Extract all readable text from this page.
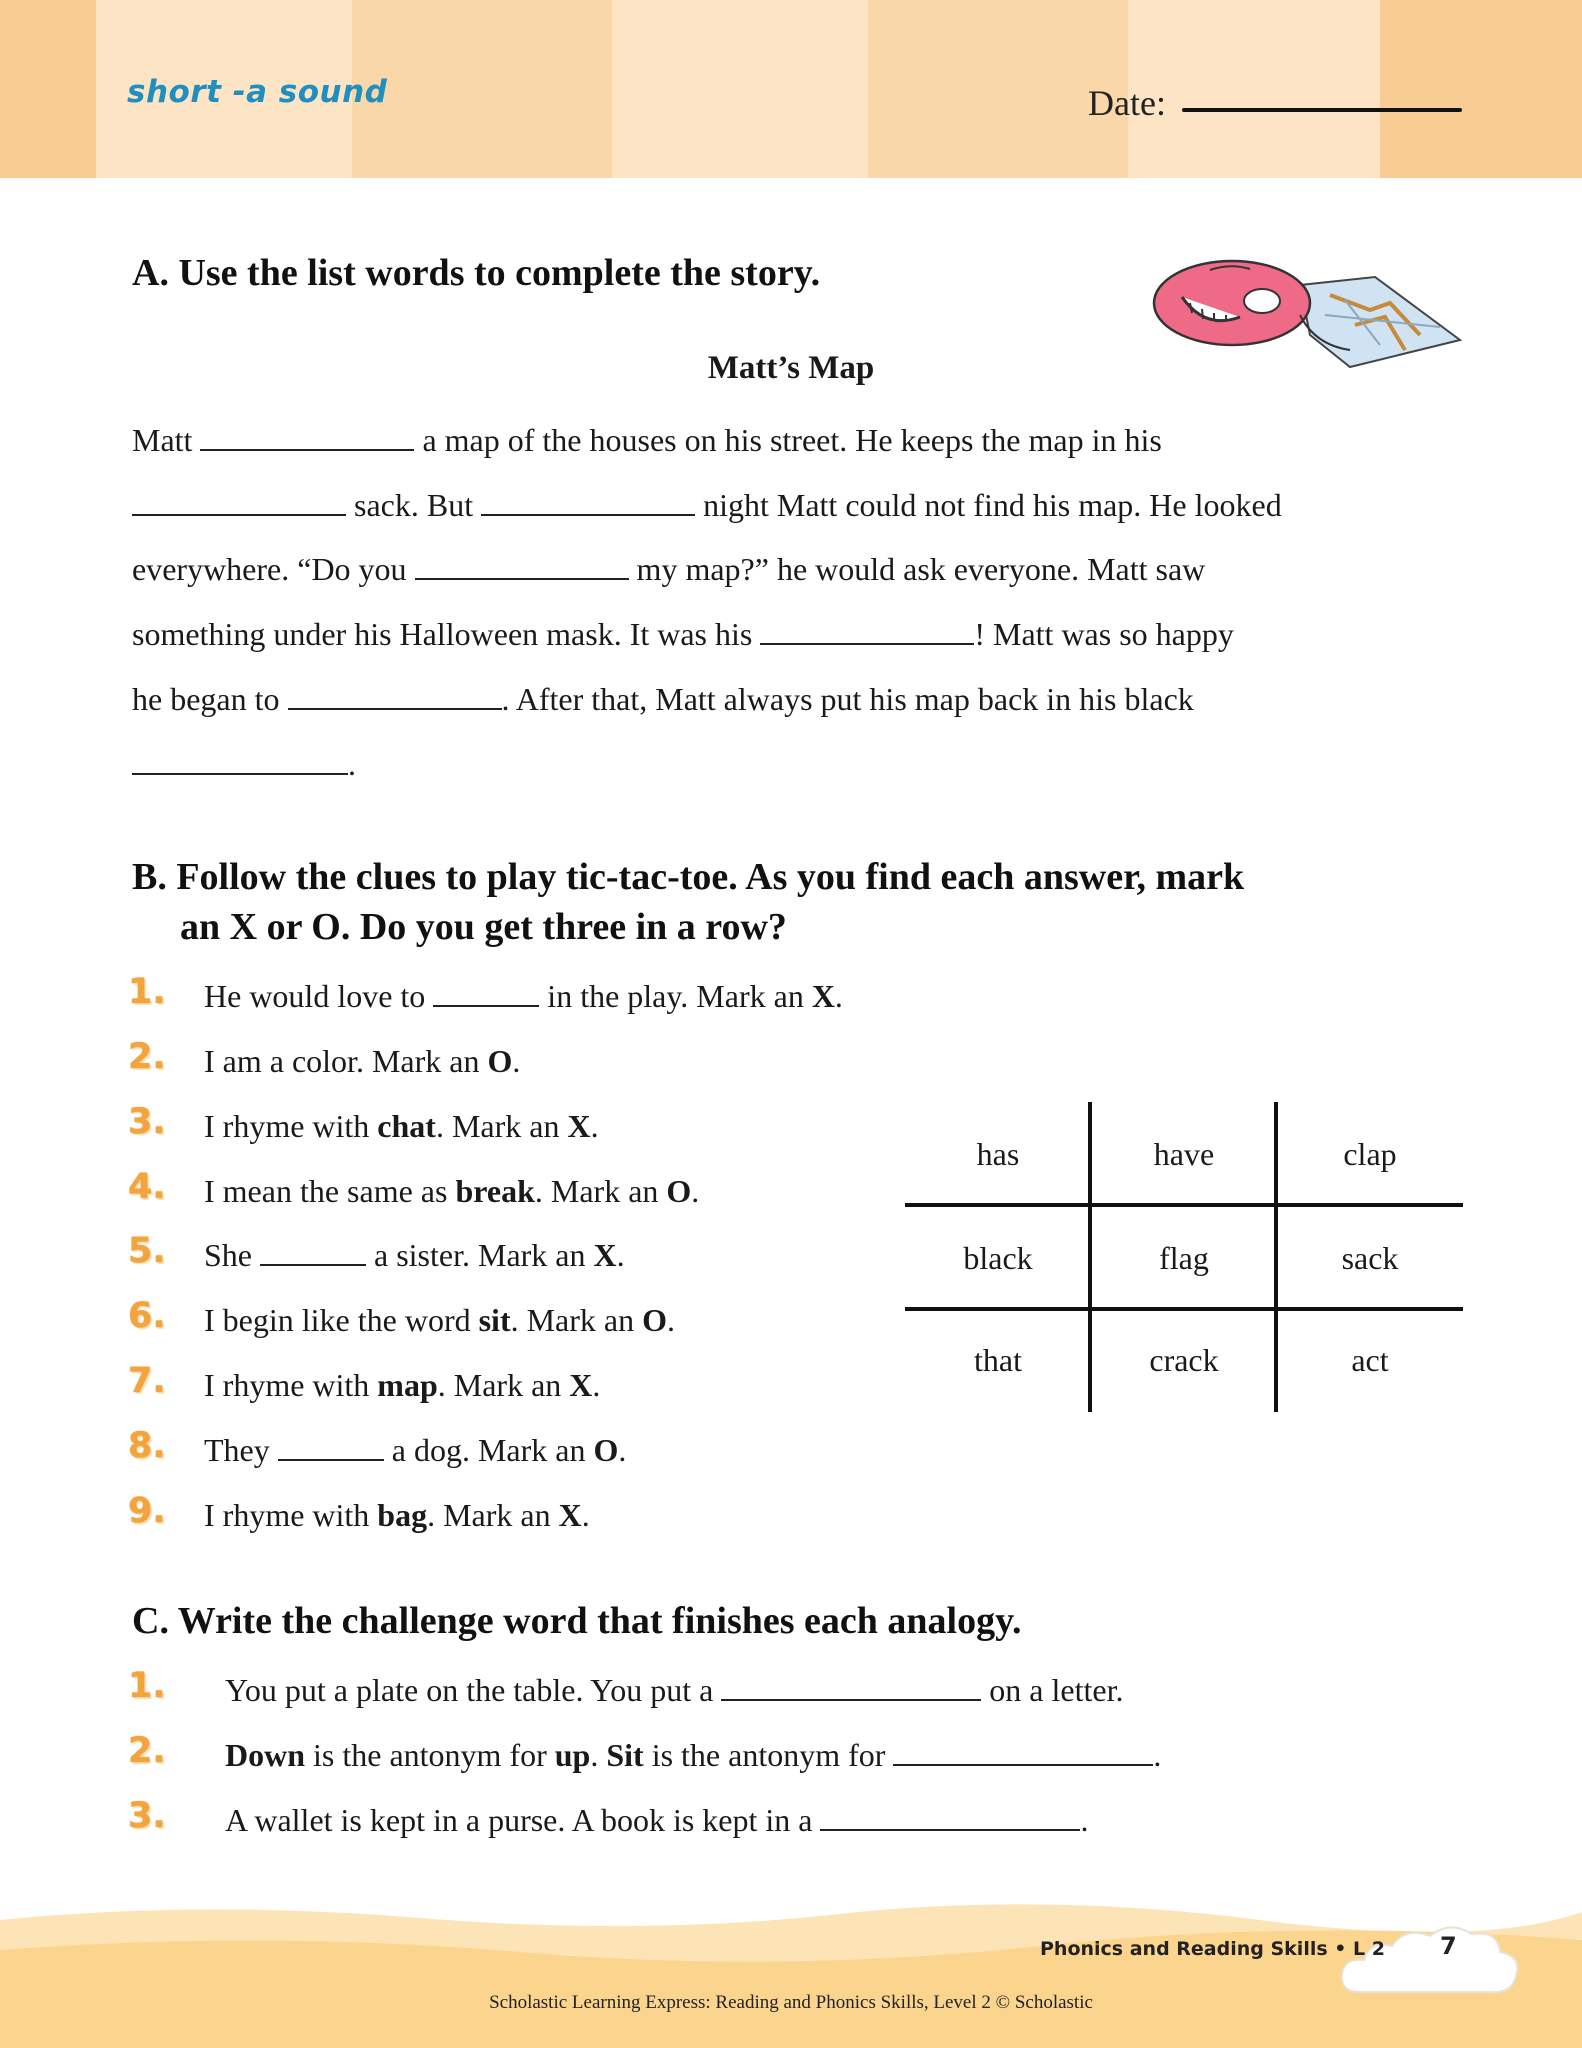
short -a sound	Date:
A. Use the list words to complete the story.
Matt’s Map
Matt	a map of the houses on his street. He keeps the map in his
sack. But	night Matt could not find his map. He looked
everywhere. “Do you	my map?” he would ask everyone. Matt saw
something under his Halloween mask. It was his	! Matt was so happy
he began to	. After that, Matt always put his map back in his black
.
B. Follow the clues to play tic-tac-toe. As you find each answer, mark
an X or O. Do you get three in a row?
1. He would love to	in the play. Mark an X.
2. I am a color. Mark an O.
3. I rhyme with chat. Mark an X.
4. I mean the same as break. Mark an O.
5. She	a sister. Mark an X.
6. I begin like the word sit. Mark an O.
7. I rhyme with map. Mark an X.
8. They	a dog. Mark an O.
9. I rhyme with bag. Mark an X.
has	have	clap
black	flag	sack
that	crack	act
C. Write the challenge word that finishes each analogy.
1. You put a plate on the table. You put a	on a letter.
2. Down is the antonym for up. Sit is the antonym for	.
3. A wallet is kept in a purse. A book is kept in a	.
Phonics and Reading Skills • L 2 7
Scholastic Learning Express: Reading and Phonics Skills, Level 2 © Scholastic
